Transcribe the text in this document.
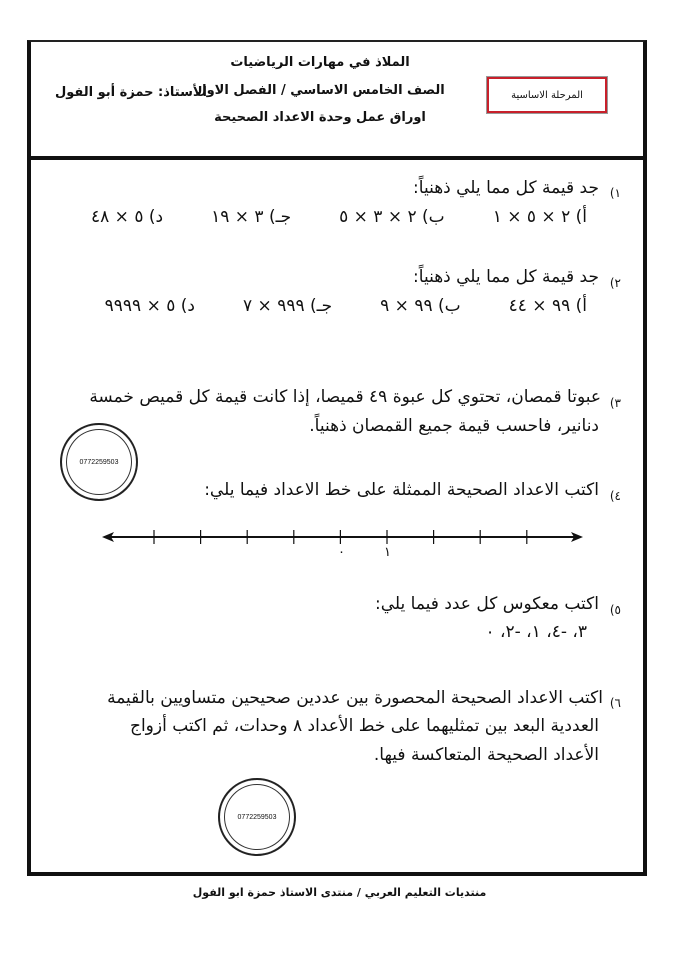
الملاذ في مهارات الرياضيات
الصف الخامس الاساسي / الفصل الاول
اوراق عمل وحدة الاعداد الصحيحة
الأستاذ: حمزة أبو الفول	المرحلة الاساسية
١)
جد قيمة كل مما يلي ذهنياً:
أ) ٢ × ٥ × ١
ب) ٢ × ٣ × ٥
جـ) ٣ × ١٩
د) ٥ × ٤٨
٢)
جد قيمة كل مما يلي ذهنياً:
أ) ٩٩ × ٤٤
ب) ٩٩ × ٩
جـ) ٩٩٩ × ٧
د) ٥ × ٩٩٩٩
٣)
عبوتا قمصان، تحتوي كل عبوة ٤٩ قميصا، إذا كانت قيمة كل قميص خمسة
دنانير، فاحسب قيمة جميع القمصان ذهنياً.
0772259503
٤)
اكتب الاعداد الصحيحة الممثلة على خط الاعداد فيما يلي:
٠	١
٥)
اكتب معكوس كل عدد فيما يلي:
٣، -٤، ١، -٢، ٠
٦)
اكتب الاعداد الصحيحة المحصورة بين عددين صحيحين متساويين بالقيمة
العددية البعد بين تمثليهما على خط الأعداد ٨ وحدات، ثم اكتب أزواج
الأعداد الصحيحة المتعاكسة فيها.
0772259503
منتديات التعليم العربي / منتدى الاستاذ حمزة ابو الفول
